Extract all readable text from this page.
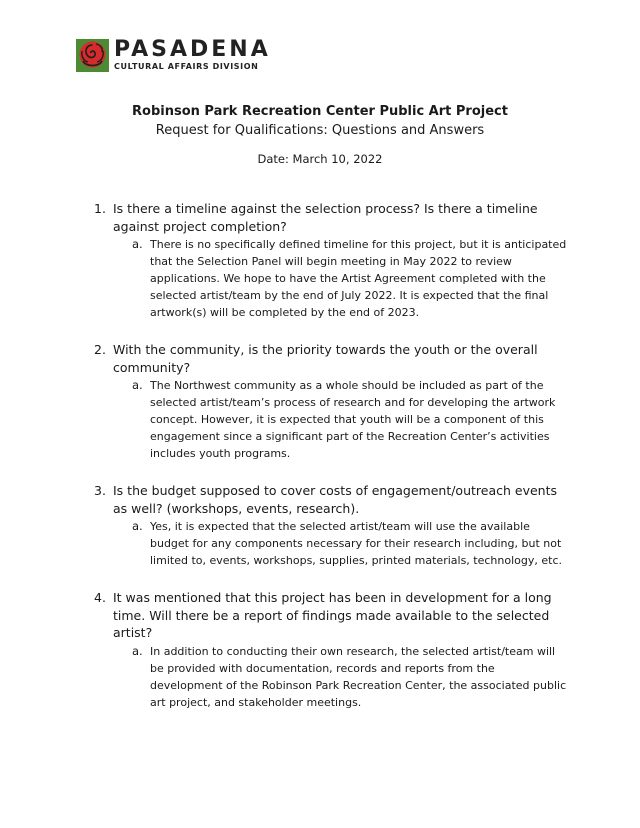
PASADENA
CULTURAL AFFAIRS DIVISION
Robinson Park Recreation Center Public Art Project
Request for Qualifications: Questions and Answers
Date: March 10, 2022
1. Is there a timeline against the selection process? Is there a timeline against project completion?
a. There is no specifically defined timeline for this project, but it is anticipated that the Selection Panel will begin meeting in May 2022 to review applications. We hope to have the Artist Agreement completed with the selected artist/team by the end of July 2022. It is expected that the final artwork(s) will be completed by the end of 2023.
2. With the community, is the priority towards the youth or the overall community?
a. The Northwest community as a whole should be included as part of the selected artist/team’s process of research and for developing the artwork concept. However, it is expected that youth will be a component of this engagement since a significant part of the Recreation Center’s activities includes youth programs.
3. Is the budget supposed to cover costs of engagement/outreach events as well? (workshops, events, research).
a. Yes, it is expected that the selected artist/team will use the available budget for any components necessary for their research including, but not limited to, events, workshops, supplies, printed materials, technology, etc.
4. It was mentioned that this project has been in development for a long time. Will there be a report of findings made available to the selected artist?
a. In addition to conducting their own research, the selected artist/team will be provided with documentation, records and reports from the development of the Robinson Park Recreation Center, the associated public art project, and stakeholder meetings.
